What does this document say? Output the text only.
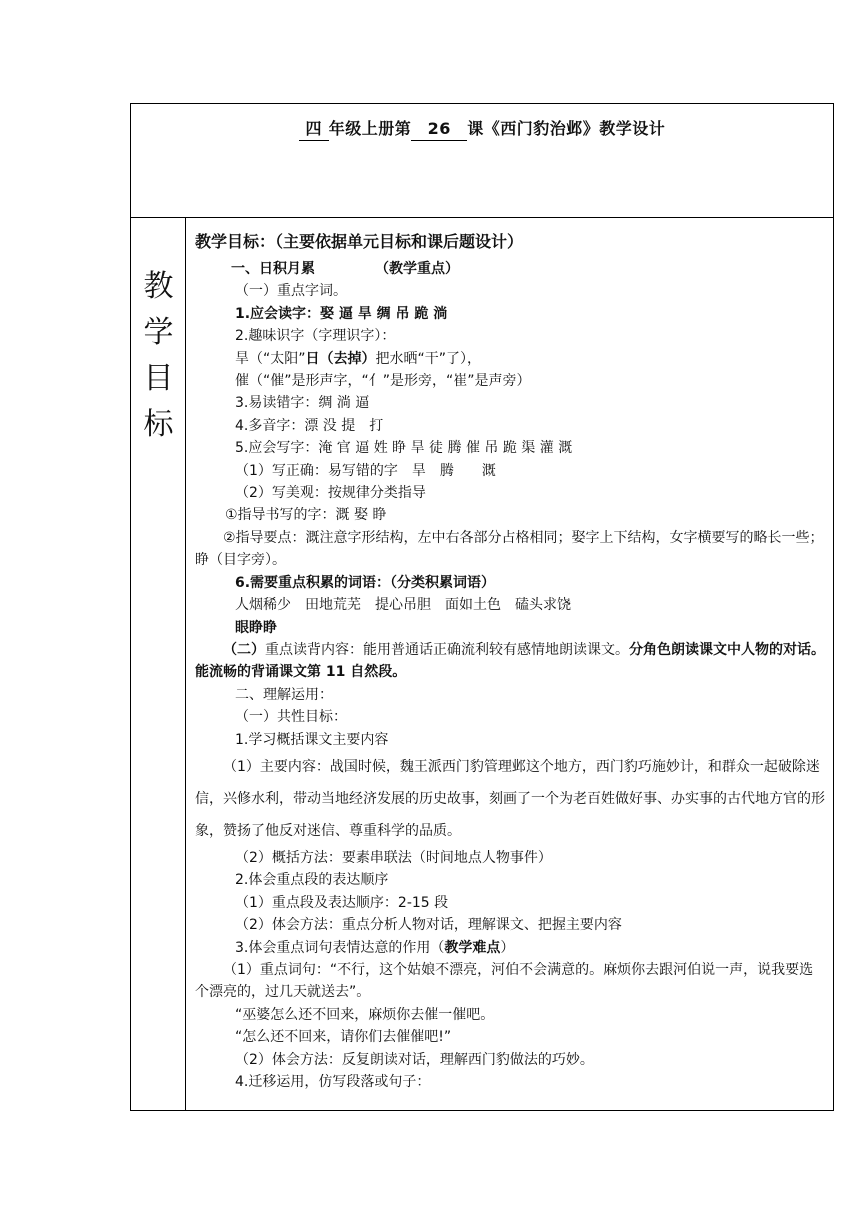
四 年级上册第 26 课《西门豹治邺》教学设计
教
学
目
标
教学目标：（主要依据单元目标和课后题设计）
一、日积月累	（教学重点）
（一）重点字词。
1.应会读字：娶 逼 旱 绸 吊 跪 淌
2.趣味识字（字理识字）：
旱（“太阳”日（去掉）把水晒“干”了），
催（“催”是形声字，“亻”是形旁，“崔”是声旁）
3.易读错字：绸 淌 逼
4.多音字：漂 没 提　打
5.应会写字：淹 官 逼 姓 睁 旱 徒 腾 催 吊 跪 渠 灌 溉
（1）写正确：易写错的字　旱　腾　　溉
（2）写美观：按规律分类指导
①指导书写的字：溉 娶 睁
②指导要点：溉注意字形结构，左中右各部分占格相同；娶字上下结构，女字横要写的略长一些；睁（目字旁）。
6.需要重点积累的词语：（分类积累词语）
人烟稀少　田地荒芜　提心吊胆　面如土色　磕头求饶
眼睁睁
（二）重点读背内容：能用普通话正确流利较有感情地朗读课文。分角色朗读课文中人物的对话。能流畅的背诵课文第 11 自然段。
二、理解运用：
（一）共性目标：
1.学习概括课文主要内容
（1）主要内容：战国时候，魏王派西门豹管理邺这个地方，西门豹巧施妙计，和群众一起破除迷信，兴修水利，带动当地经济发展的历史故事，刻画了一个为老百姓做好事、办实事的古代地方官的形象，赞扬了他反对迷信、尊重科学的品质。
（2）概括方法：要素串联法（时间地点人物事件）
2.体会重点段的表达顺序
（1）重点段及表达顺序：2-15 段
（2）体会方法：重点分析人物对话，理解课文、把握主要内容
3.体会重点词句表情达意的作用（教学难点）
（1）重点词句：“不行，这个姑娘不漂亮，河伯不会满意的。麻烦你去跟河伯说一声，说我要选个漂亮的，过几天就送去”。
“巫婆怎么还不回来，麻烦你去催一催吧。
“怎么还不回来，请你们去催催吧!”
（2）体会方法：反复朗读对话，理解西门豹做法的巧妙。
4.迁移运用，仿写段落或句子：
